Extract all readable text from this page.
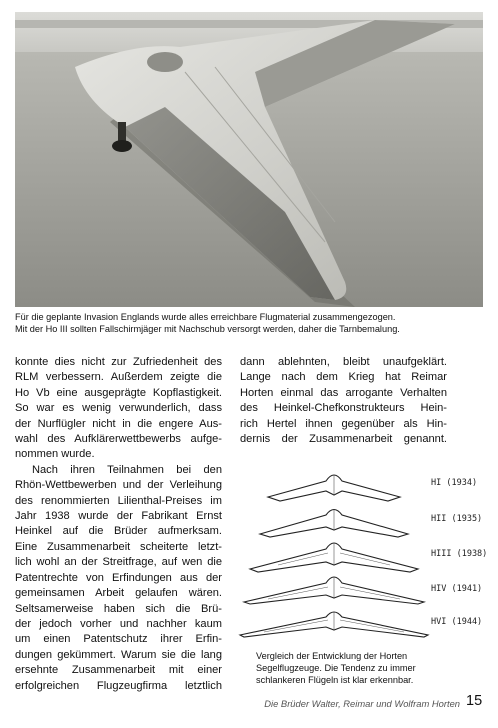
Für die geplante Invasion Englands wurde alles erreichbare Flugmaterial zusammengezogen.

Mit der Ho III sollten Fallschirmjäger mit Nachschub versorgt werden, daher die Tarnbemalung.

konnte dies nicht zur Zufriedenheit des
RLM verbessern. Außerdem zeigte die
Ho Vb eine ausgeprägte Kopflastigkeit.
So war es wenig verwunderlich, dass
der Nurflügler nicht in die engere Aus-
wahl des Aufklärerwettbewerbs aufge-
nommen wurde.

Nach ihren Teilnahmen bei den
Rhön-Wettbewerben und der Verleihung
des renommierten Lilienthal-Preises im
Jahr 1938 wurde der Fabrikant Ernst
Heinkel auf die Brüder aufmerksam.
Eine Zusammenarbeit scheiterte letzt-
lich wohl an der Streitfrage, auf wen die
Patentrechte von Erfindungen aus der
gemeinsamen Arbeit gelaufen wären.
Seltsamerweise haben sich die Brü-
der jedoch vorher und nachher kaum
um einen Patentschutz ihrer Erfin-
dungen gekümmert. Warum sie die lang
ersehnte Zusammenarbeit mit einer
erfolgreichen Flugzeugfirma letztlich

dann ablehnten, bleibt unaufgeklärt.
Lange nach dem Krieg hat Reimar
Horten einmal das arrogante Verhalten
des Heinkel-Chefkonstrukteurs Hein-
rich Hertel ihnen gegenüber als Hin-
dernis der Zusammenarbeit genannt.

HI (1934)
HII (1935)
HIII (1938)
HIV (1941)
HVI (1944)

Vergleich der Entwicklung der Horten

Segelflugzeuge. Die Tendenz zu immer

schlankeren Flügeln ist klar erkennbar.

Die Brüder Walter, Reimar und Wolfram Horten 15
